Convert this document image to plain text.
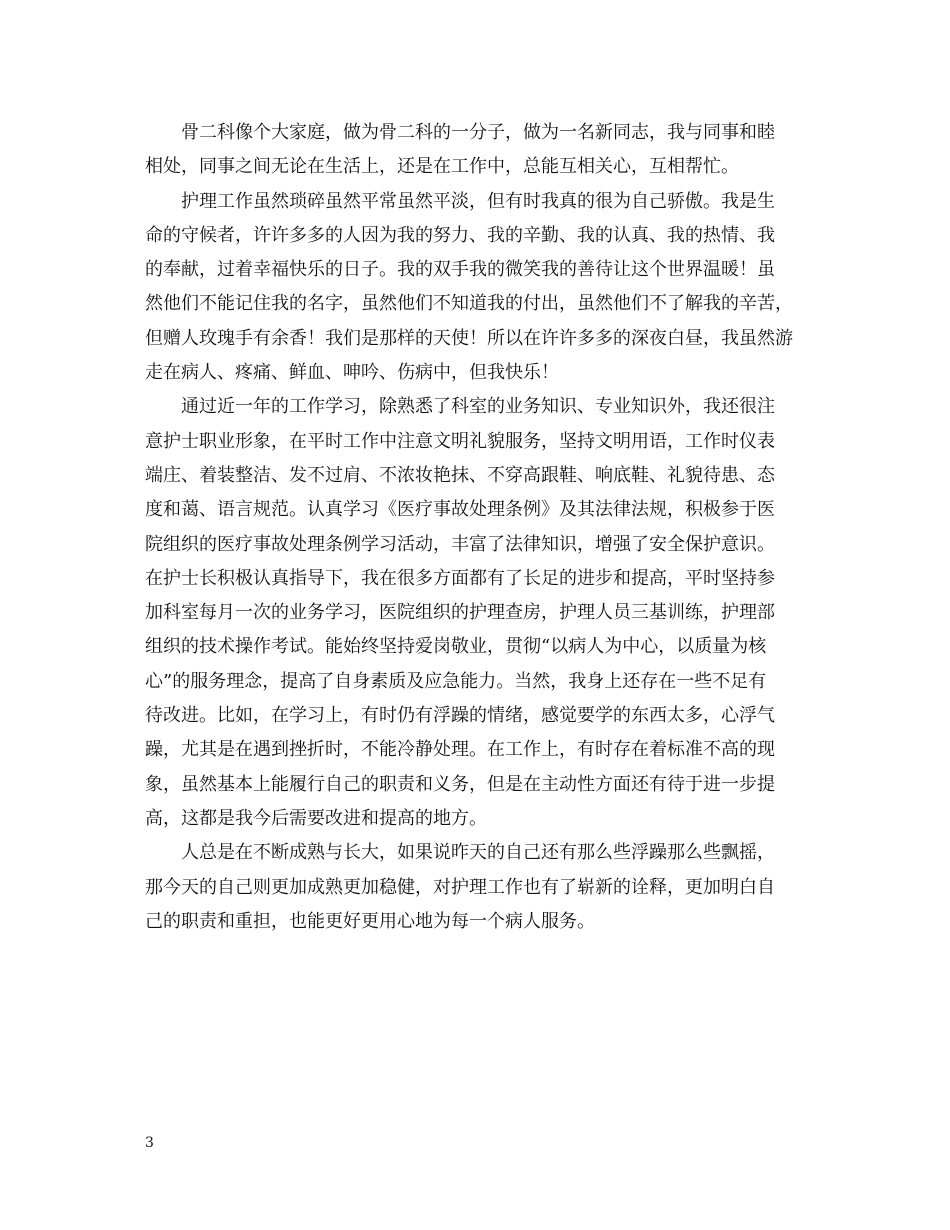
骨二科像个大家庭，做为骨二科的一分子，做为一名新同志，我与同事和睦
相处，同事之间无论在生活上，还是在工作中，总能互相关心，互相帮忙。
护理工作虽然琐碎虽然平常虽然平淡，但有时我真的很为自己骄傲。我是生
命的守候者，许许多多的人因为我的努力、我的辛勤、我的认真、我的热情、我
的奉献，过着幸福快乐的日子。我的双手我的微笑我的善待让这个世界温暖！虽
然他们不能记住我的名字，虽然他们不知道我的付出，虽然他们不了解我的辛苦，
但赠人玫瑰手有余香！我们是那样的天使！所以在许许多多的深夜白昼，我虽然游
走在病人、疼痛、鲜血、呻吟、伤病中，但我快乐！
通过近一年的工作学习，除熟悉了科室的业务知识、专业知识外，我还很注
意护士职业形象，在平时工作中注意文明礼貌服务，坚持文明用语，工作时仪表
端庄、着装整洁、发不过肩、不浓妆艳抹、不穿高跟鞋、响底鞋、礼貌待患、态
度和蔼、语言规范。认真学习《医疗事故处理条例》及其法律法规，积极参于医
院组织的医疗事故处理条例学习活动，丰富了法律知识，增强了安全保护意识。
在护士长积极认真指导下，我在很多方面都有了长足的进步和提高，平时坚持参
加科室每月一次的业务学习，医院组织的护理查房，护理人员三基训练，护理部
组织的技术操作考试。能始终坚持爱岗敬业，贯彻“以病人为中心，以质量为核
心”的服务理念，提高了自身素质及应急能力。当然，我身上还存在一些不足有
待改进。比如，在学习上，有时仍有浮躁的情绪，感觉要学的东西太多，心浮气
躁，尤其是在遇到挫折时，不能冷静处理。在工作上，有时存在着标准不高的现
象，虽然基本上能履行自己的职责和义务，但是在主动性方面还有待于进一步提
高，这都是我今后需要改进和提高的地方。
人总是在不断成熟与长大，如果说昨天的自己还有那么些浮躁那么些飘摇，
那今天的自己则更加成熟更加稳健，对护理工作也有了崭新的诠释，更加明白自
己的职责和重担，也能更好更用心地为每一个病人服务。
3
